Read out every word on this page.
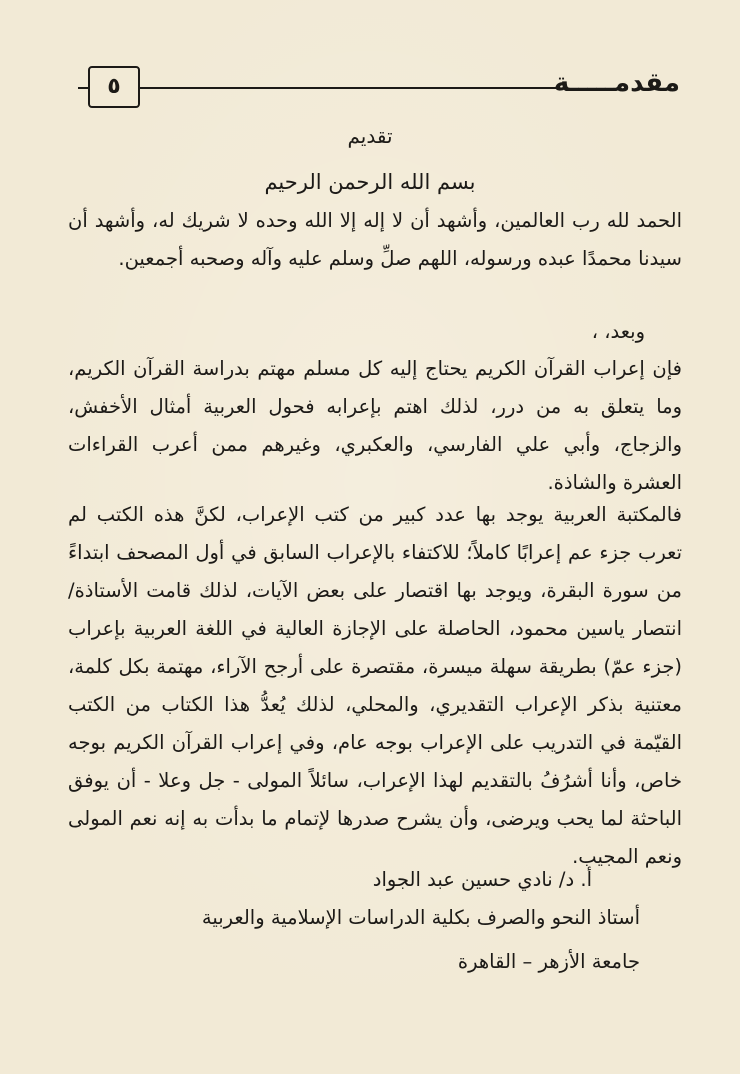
٥	مقدمـــــة
تقديم
بسم الله الرحمن الرحيم

الحمد لله رب العالمين، وأشهد أن لا إله إلا الله وحده لا شريك له، وأشهد أن سيدنا محمدًا عبده ورسوله، اللهم صلِّ وسلم عليه وآله وصحبه أجمعين.

وبعد، ،

فإن إعراب القرآن الكريم يحتاج إليه كل مسلم مهتم بدراسة القرآن الكريم، وما يتعلق به من درر، لذلك اهتم بإعرابه فحول العربية أمثال الأخفش، والزجاج، وأبي علي الفارسي، والعكبري، وغيرهم ممن أعرب القراءات العشرة والشاذة.

فالمكتبة العربية يوجد بها عدد كبير من كتب الإعراب، لكنَّ هذه الكتب لم تعرب جزء عم إعرابًا كاملاً؛ للاكتفاء بالإعراب السابق في أول المصحف ابتداءً من سورة البقرة، ويوجد بها اقتصار على بعض الآيات، لذلك قامت الأستاذة/ انتصار ياسين محمود، الحاصلة على الإجازة العالية في اللغة العربية بإعراب (جزء عمّ) بطريقة سهلة ميسرة، مقتصرة على أرجح الآراء، مهتمة بكل كلمة، معتنية بذكر الإعراب التقديري، والمحلي، لذلك يُعدُّ هذا الكتاب من الكتب القيّمة في التدريب على الإعراب بوجه عام، وفي إعراب القرآن الكريم بوجه خاص، وأنا أشرُفُ بالتقديم لهذا الإعراب، سائلاً المولى - جل وعلا - أن يوفق الباحثة لما يحب ويرضى، وأن يشرح صدرها لإتمام ما بدأت به إنه نعم المولى ونعم المجيب.

أ. د/ نادي حسين عبد الجواد
أستاذ النحو والصرف بكلية الدراسات الإسلامية والعربية
جامعة الأزهر – القاهرة
